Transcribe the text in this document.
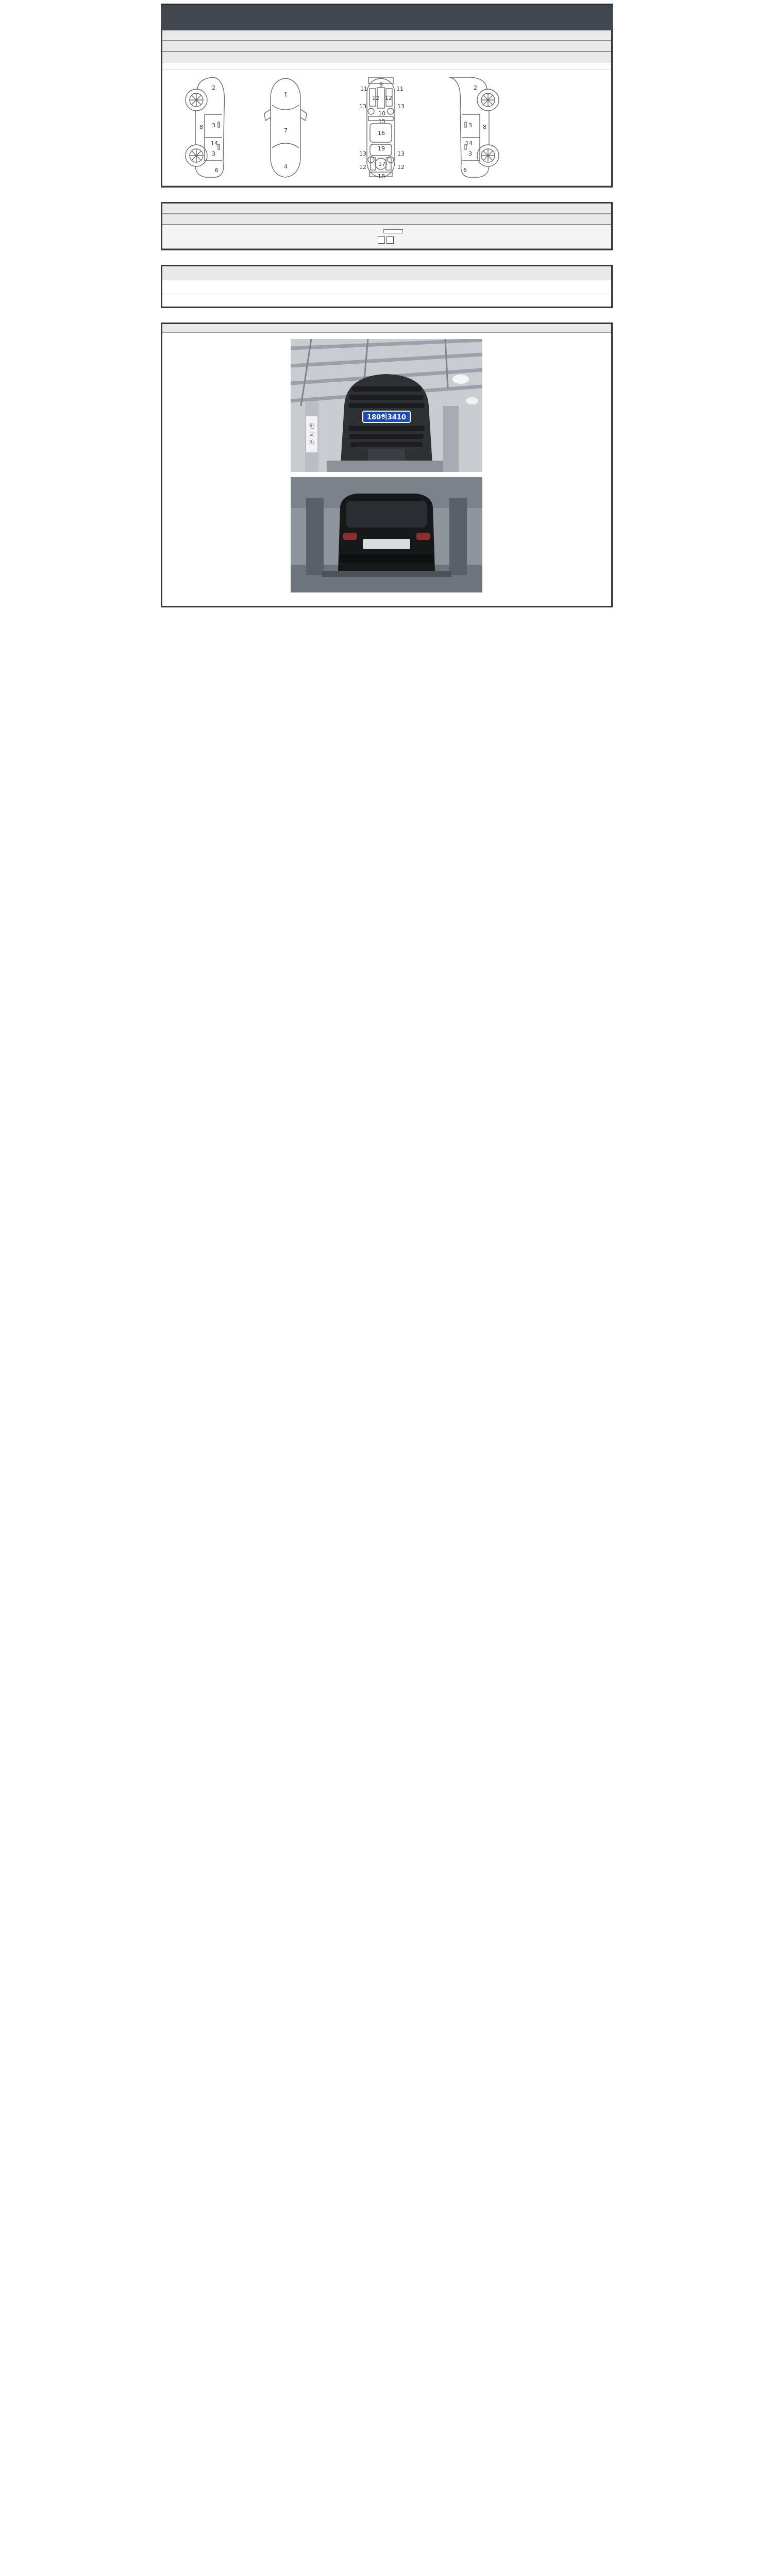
2
8 3
14
3
6
1
7
4
11	11
9
13	13
12 12
10
15
16
13	13
19
12	12
17
18
2
8
3
14
3
6
한
국
자
180허3410
